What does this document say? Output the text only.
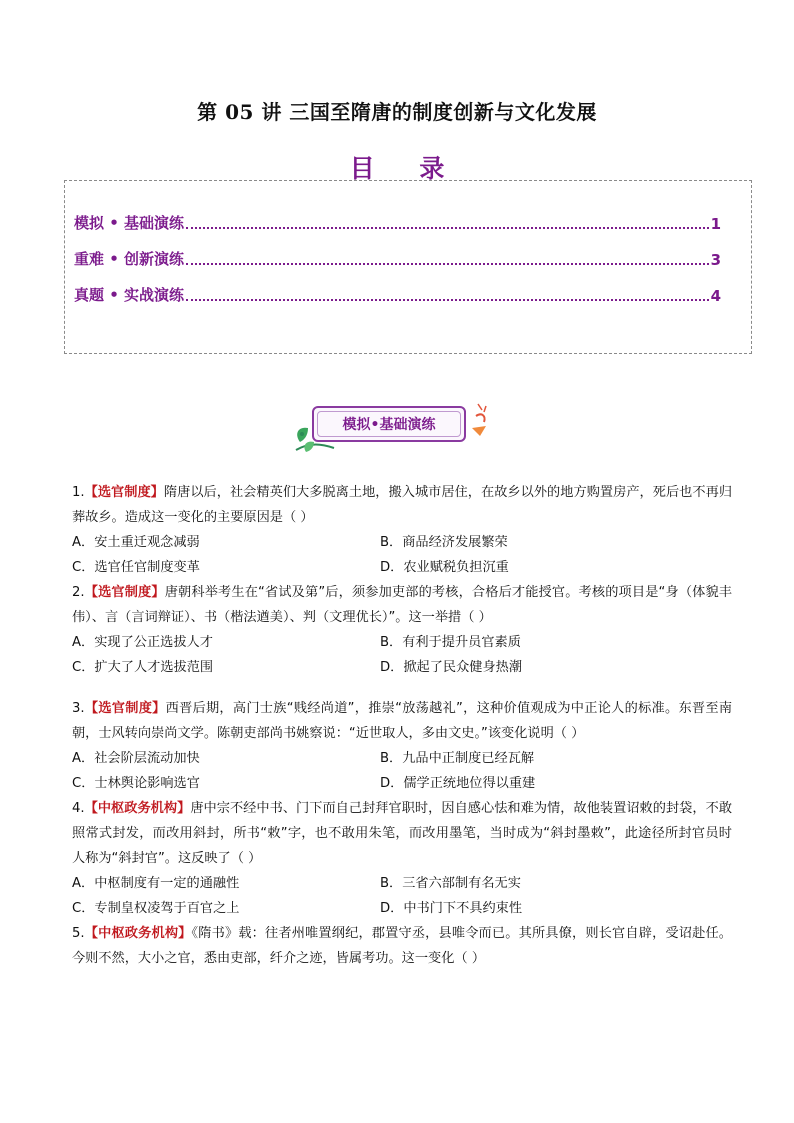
第 05 讲 三国至隋唐的制度创新与文化发展
目 录
模拟 • 基础演练	1
重难 • 创新演练	3
真题 • 实战演练	4
模拟•基础演练
1.【选官制度】隋唐以后，社会精英们大多脱离土地，搬入城市居住，在故乡以外的地方购置房产，死后也不再归葬故乡。造成这一变化的主要原因是（ ）
A．安土重迁观念减弱	B．商品经济发展繁荣
C．选官任官制度变革	D．农业赋税负担沉重
2.【选官制度】唐朝科举考生在“省试及第”后，须参加吏部的考核，合格后才能授官。考核的项目是“身（体貌丰伟）、言（言词辩证）、书（楷法遒美）、判（文理优长）”。这一举措（ ）
A．实现了公正选拔人才	B．有利于提升员官素质
C．扩大了人才选拔范围	D．掀起了民众健身热潮
3.【选官制度】西晋后期，高门士族“贱经尚道”，推崇“放荡越礼”，这种价值观成为中正论人的标准。东晋至南朝，士风转向崇尚文学。陈朝吏部尚书姚察说：“近世取人，多由文史。”该变化说明（ ）
A．社会阶层流动加快	B．九品中正制度已经瓦解
C．士林舆论影响选官	D．儒学正统地位得以重建
4.【中枢政务机构】唐中宗不经中书、门下而自己封拜官职时，因自感心怯和难为情，故他装置诏敕的封袋，不敢照常式封发，而改用斜封，所书“敕”字，也不敢用朱笔，而改用墨笔，当时成为“斜封墨敕”，此途径所封官员时人称为“斜封官”。这反映了（ ）
A．中枢制度有一定的通融性	B．三省六部制有名无实
C．专制皇权凌驾于百官之上	D．中书门下不具约束性
5.【中枢政务机构】《隋书》载：往者州唯置纲纪，郡置守丞，县唯令而已。其所具僚，则长官自辟，受诏赴任。今则不然，大小之官，悉由吏部，纤介之迹，皆属考功。这一变化（ ）
